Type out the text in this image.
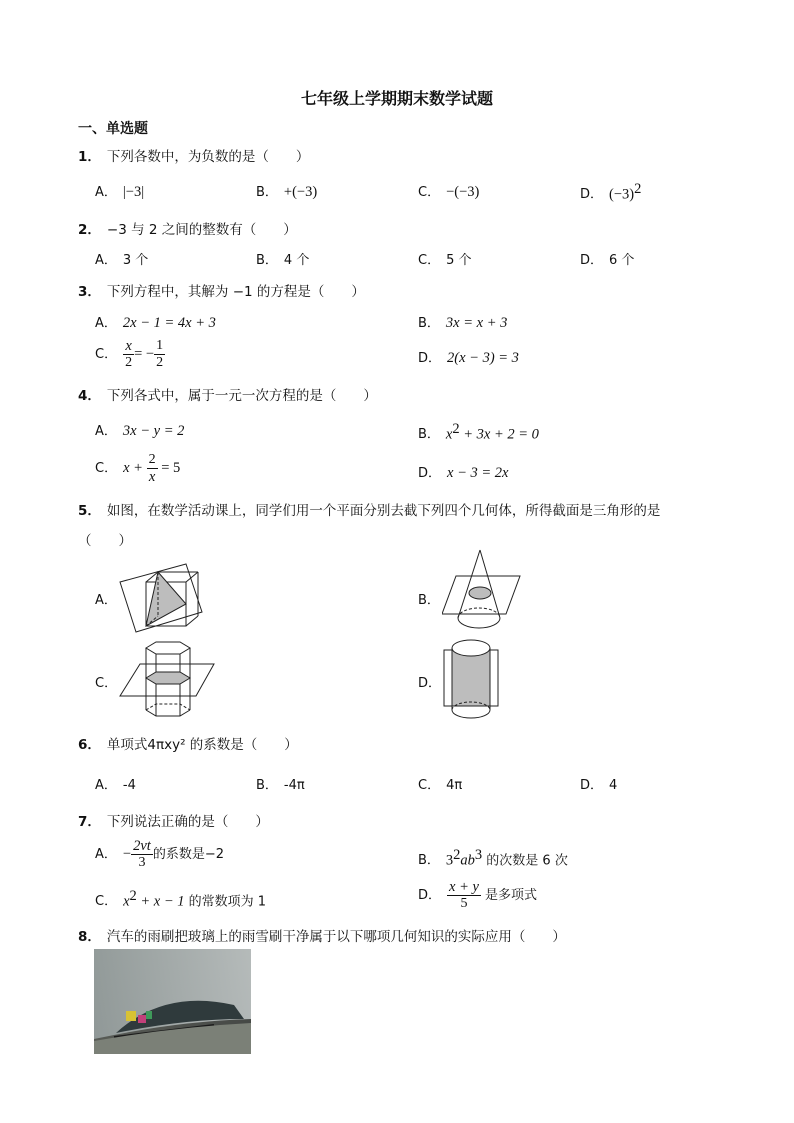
七年级上学期期末数学试题
一、单选题
1． 下列各数中，为负数的是（　　）
A． |−3|	B． +(−3)	C． −(−3)	D． $(-3)^2$
2． −3 与 2 之间的整数有（　　）
A． 3 个	B． 4 个	C． 5 个	D． 6 个
3． 下列方程中，其解为 −1 的方程是（　　）
A． 2x − 1 = 4x + 3	B． 3x = x + 3
C． $\frac{x}{2}$ = − $\frac{1}{2}$	D． 2(x − 3) = 3
4． 下列各式中，属于一元一次方程的是（　　）
A． 3x − y = 2	B． $x^2 + 3x + 2 = 0$
C． $x + \frac{2}{x} = 5$	D． x − 3 = 2x
5． 如图，在数学活动课上，同学们用一个平面分别去截下列四个几何体，所得截面是三角形的是
（　　）
A．	B．
C．	D．
6． 单项式4πxy² 的系数是（　　）
A． -4	B． -4π	C． 4π	D． 4
7． 下列说法正确的是（　　）
A． − $\frac{2vt}{3}$ 的系数是−2	B． $3^2ab^3$ 的次数是 6 次
C． $x^2 + x - 1$ 的常数项为 1	D． $\frac{x + y}{5}$ 是多项式
8． 汽车的雨刷把玻璃上的雨雪刷干净属于以下哪项几何知识的实际应用（　　）
